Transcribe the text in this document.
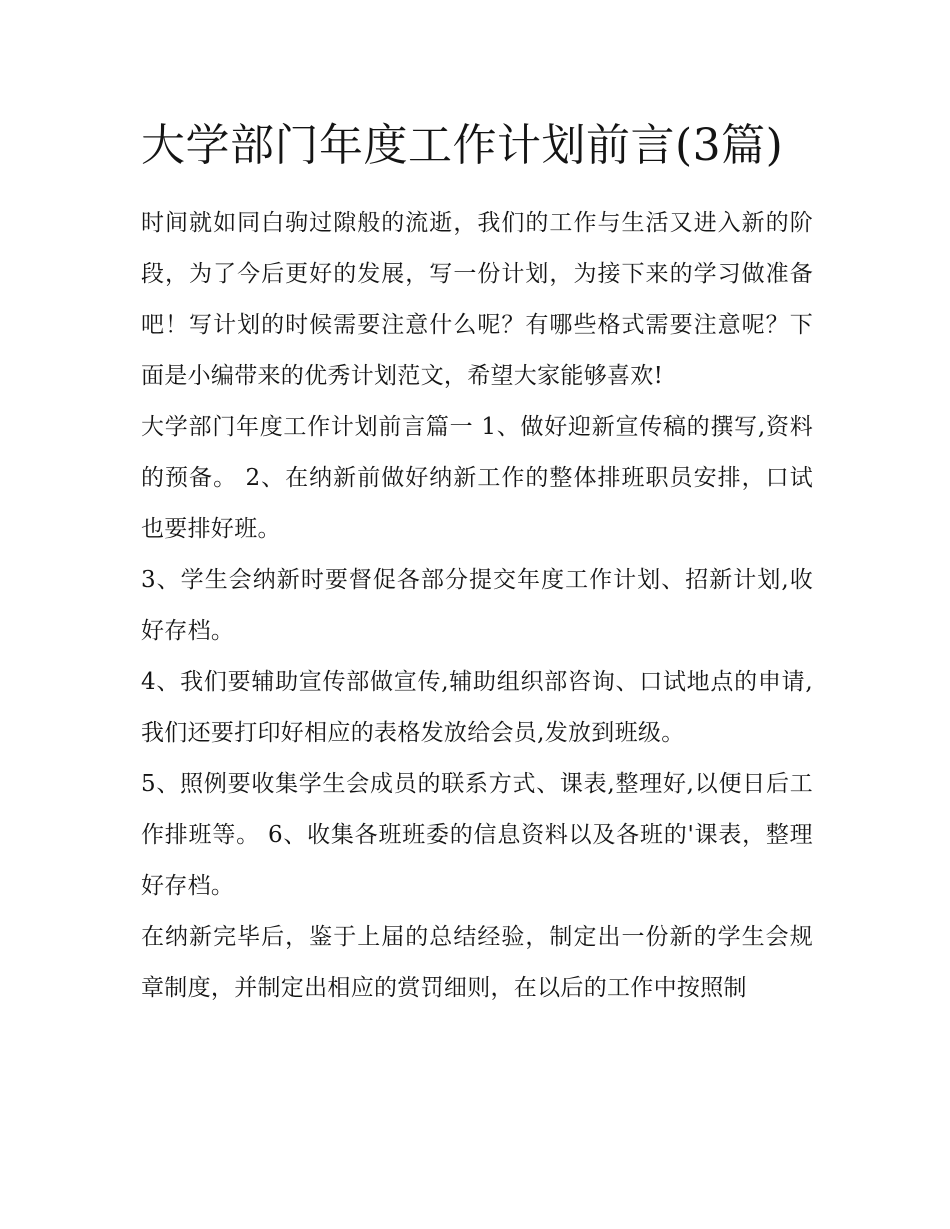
大学部门年度工作计划前言(3篇)

时间就如同白驹过隙般的流逝，我们的工作与生活又进入新的阶段，为了今后更好的发展，写一份计划，为接下来的学习做准备吧！写计划的时候需要注意什么呢？有哪些格式需要注意呢？下面是小编带来的优秀计划范文，希望大家能够喜欢!

大学部门年度工作计划前言篇一 1、做好迎新宣传稿的撰写,资料的预备。 2、在纳新前做好纳新工作的整体排班职员安排，口试也要排好班。

3、学生会纳新时要督促各部分提交年度工作计划、招新计划,收好存档。

4、我们要辅助宣传部做宣传,辅助组织部咨询、口试地点的申请,我们还要打印好相应的表格发放给会员,发放到班级。

5、照例要收集学生会成员的联系方式、课表,整理好,以便日后工作排班等。 6、收集各班班委的信息资料以及各班的'课表，整理好存档。

在纳新完毕后，鉴于上届的总结经验，制定出一份新的学生会规章制度，并制定出相应的赏罚细则，在以后的工作中按照制
